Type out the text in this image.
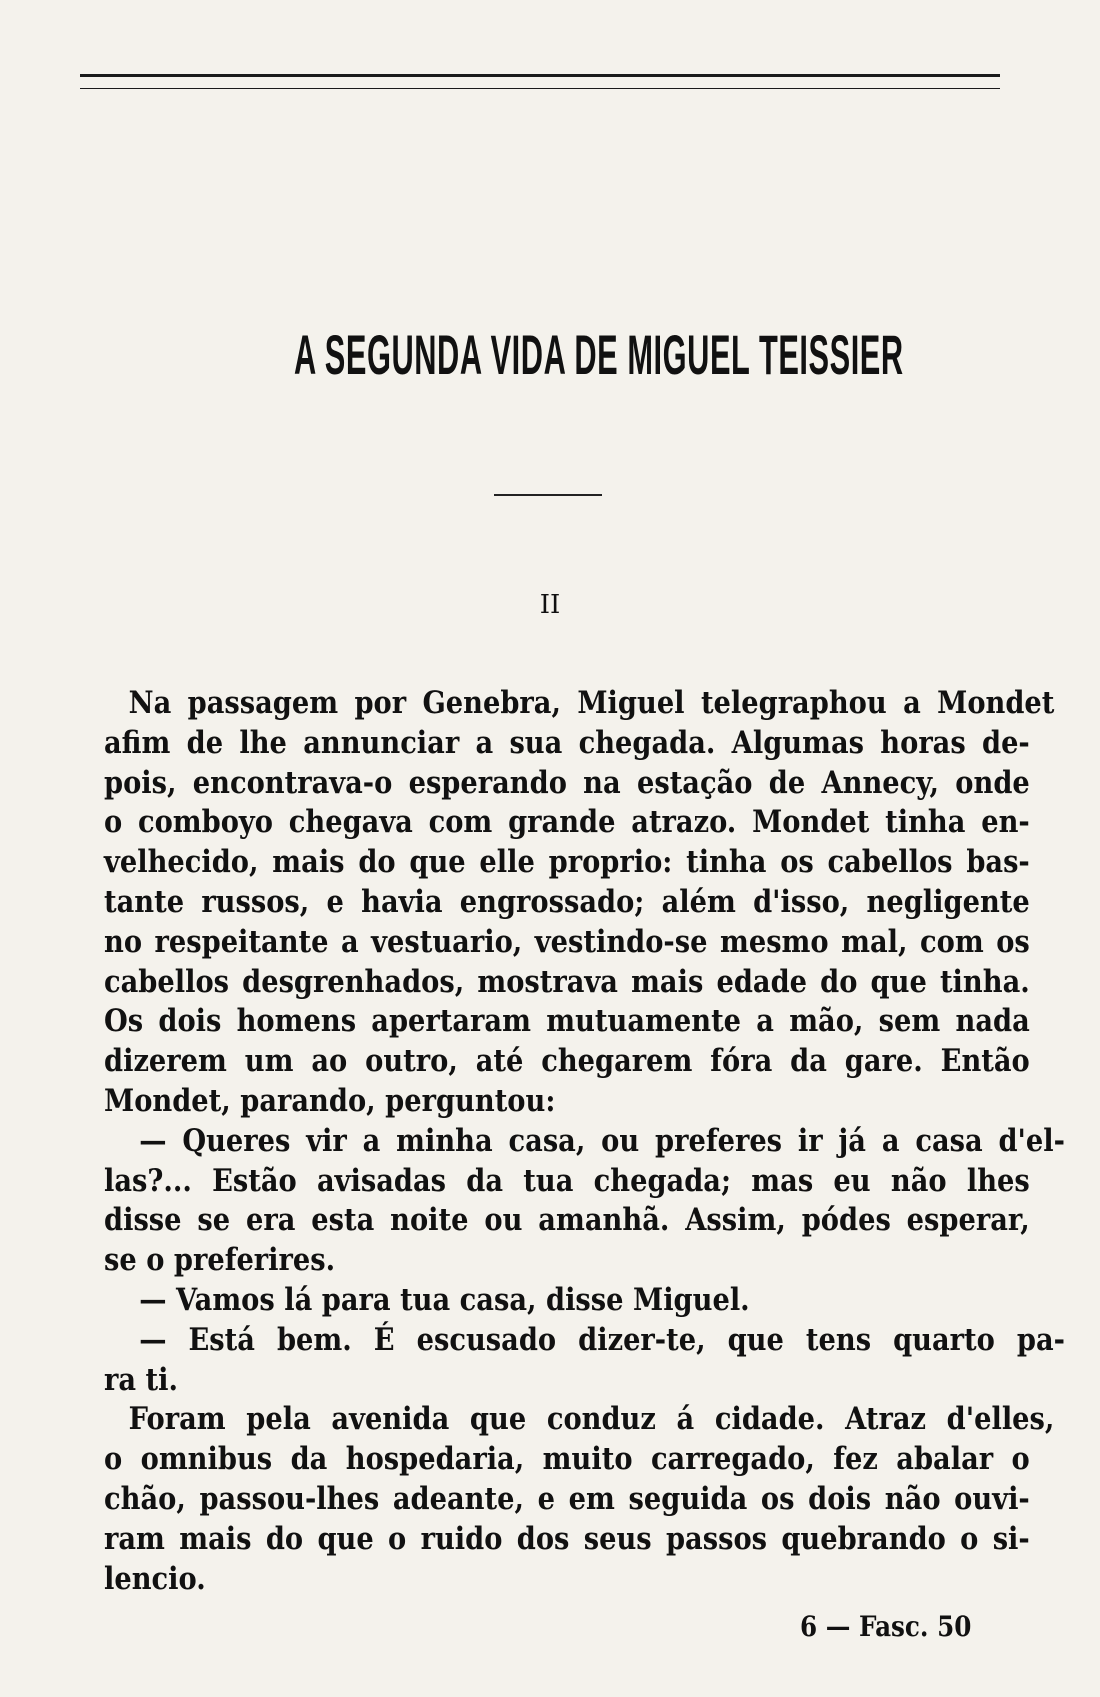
A SEGUNDA VIDA DE MIGUEL TEISSIER
II
Na passagem por Genebra, Miguel telegraphou a Mondet
afim de lhe annunciar a sua chegada. Algumas horas de-
pois, encontrava-o esperando na estação de Annecy, onde
o comboyo chegava com grande atrazo. Mondet tinha en-
velhecido, mais do que elle proprio: tinha os cabellos bas-
tante russos, e havia engrossado; além d'isso, negligente
no respeitante a vestuario, vestindo-se mesmo mal, com os
cabellos desgrenhados, mostrava mais edade do que tinha.
Os dois homens apertaram mutuamente a mão, sem nada
dizerem um ao outro, até chegarem fóra da gare. Então
Mondet, parando, perguntou:
— Queres vir a minha casa, ou preferes ir já a casa d'el-
las?... Estão avisadas da tua chegada; mas eu não lhes
disse se era esta noite ou amanhã. Assim, pódes esperar,
se o preferires.
— Vamos lá para tua casa, disse Miguel.
— Está bem. É escusado dizer-te, que tens quarto pa-
ra ti.
Foram pela avenida que conduz á cidade. Atraz d'elles,
o omnibus da hospedaria, muito carregado, fez abalar o
chão, passou-lhes adeante, e em seguida os dois não ouvi-
ram mais do que o ruido dos seus passos quebrando o si-
lencio.
6 — Fasc. 50
